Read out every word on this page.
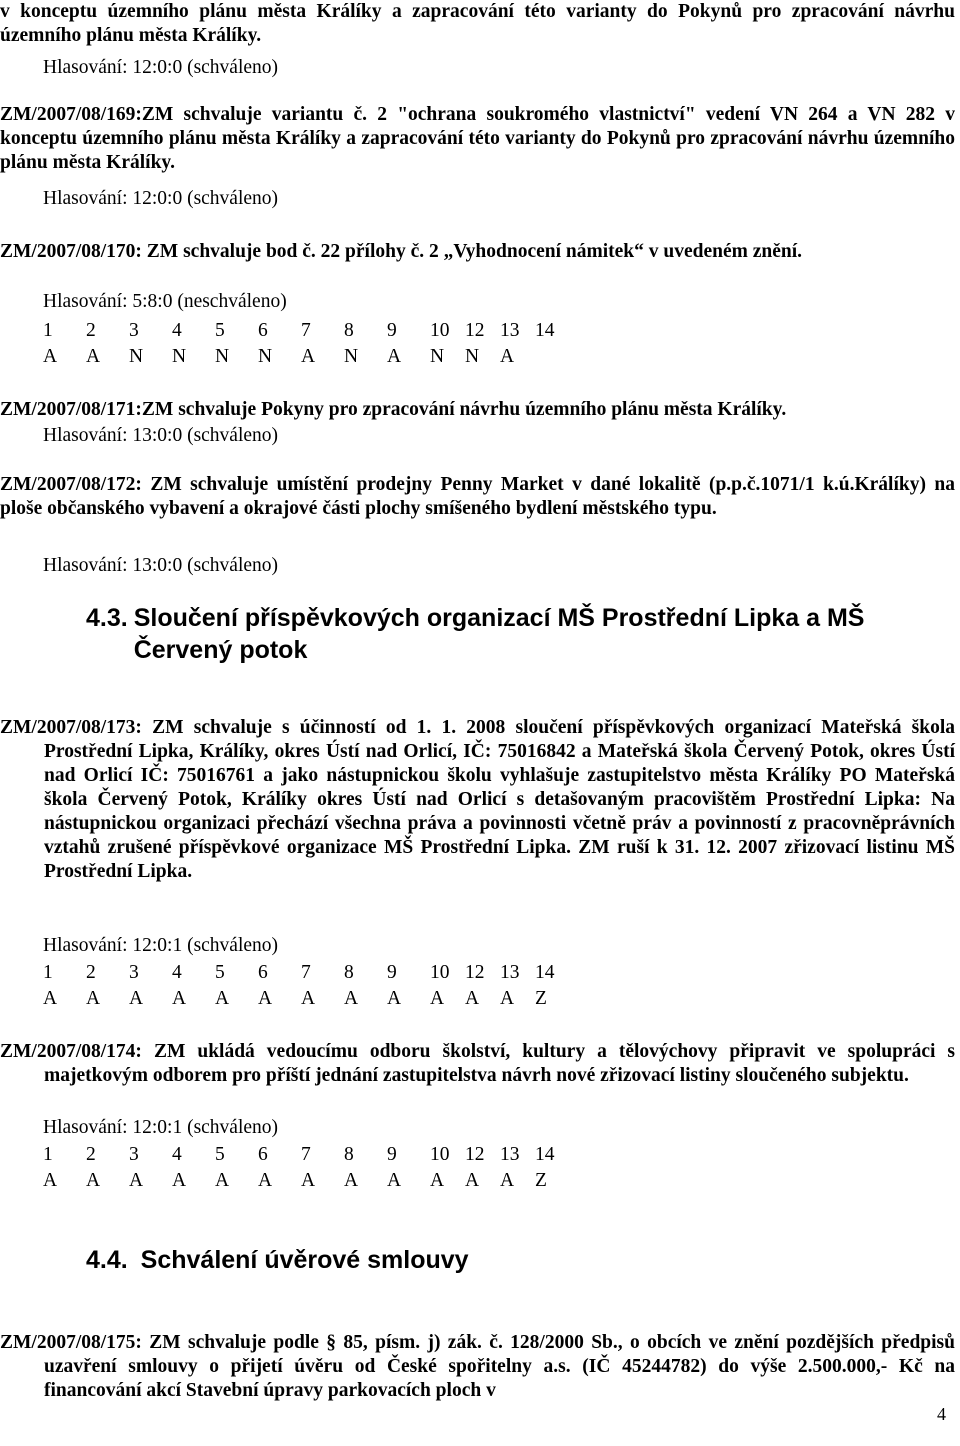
v konceptu územního plánu města Králíky a zapracování této varianty do Pokynů pro zpracování návrhu územního plánu města Králíky.

Hlasování: 12:0:0 (schváleno)

ZM/2007/08/169:ZM schvaluje variantu č. 2 "ochrana soukromého vlastnictví" vedení VN 264 a VN 282 v konceptu územního plánu města Králíky a zapracování této varianty do Pokynů pro zpracování návrhu územního plánu města Králíky.

Hlasování: 12:0:0 (schváleno)

ZM/2007/08/170: ZM schvaluje bod č. 22 přílohy č. 2 „Vyhodnocení námitek“ v uvedeném znění.

Hlasování: 5:8:0 (neschváleno)
1	2	3	4	5	6	7	8	9	10 12 13 14
A	A	N	N	N	N	A	N	A	N	N	A

ZM/2007/08/171:ZM schvaluje Pokyny pro zpracování návrhu územního plánu města Králíky.

Hlasování: 13:0:0 (schváleno)

ZM/2007/08/172: ZM schvaluje umístění prodejny Penny Market v dané lokalitě (p.p.č.1071/1 k.ú.Králíky) na ploše občanského vybavení a okrajové části plochy smíšeného bydlení městského typu.

Hlasování: 13:0:0 (schváleno)
4.3. Sloučení příspěvkových organizací MŠ Prostřední Lipka a MŠ Červený potok

ZM/2007/08/173: ZM schvaluje s účinností od 1. 1. 2008 sloučení příspěvkových organizací Mateřská škola Prostřední Lipka, Králíky, okres Ústí nad Orlicí, IČ: 75016842 a Mateřská škola Červený Potok, okres Ústí nad Orlicí IČ: 75016761 a jako nástupnickou školu vyhlašuje zastupitelstvo města Králíky PO Mateřská škola Červený Potok, Králíky okres Ústí nad Orlicí s detašovaným pracovištěm Prostřední Lipka: Na nástupnickou organizaci přechází všechna práva a povinnosti včetně práv a povinností z pracovněprávních vztahů zrušené příspěvkové organizace MŠ Prostřední Lipka. ZM ruší k 31. 12. 2007 zřizovací listinu MŠ Prostřední Lipka.

Hlasování: 12:0:1 (schváleno)
1	2	3	4	5	6	7	8	9	10 12 13 14
A	A	A	A	A	A	A	A	A	A	A	A	Z

ZM/2007/08/174: ZM ukládá vedoucímu odboru školství, kultury a tělovýchovy připravit ve spolupráci s majetkovým odborem pro příští jednání zastupitelstva návrh nové zřizovací listiny sloučeného subjektu.

Hlasování: 12:0:1 (schváleno)
1	2	3	4	5	6	7	8	9	10 12 13 14
A	A	A	A	A	A	A	A	A	A	A	A	Z
4.4. Schválení úvěrové smlouvy

ZM/2007/08/175: ZM schvaluje podle § 85, písm. j) zák. č. 128/2000 Sb., o obcích ve znění pozdějších předpisů uzavření smlouvy o přijetí úvěru od České spořitelny a.s. (IČ 45244782) do výše 2.500.000,- Kč na financování akcí Stavební úpravy parkovacích ploch v

4
